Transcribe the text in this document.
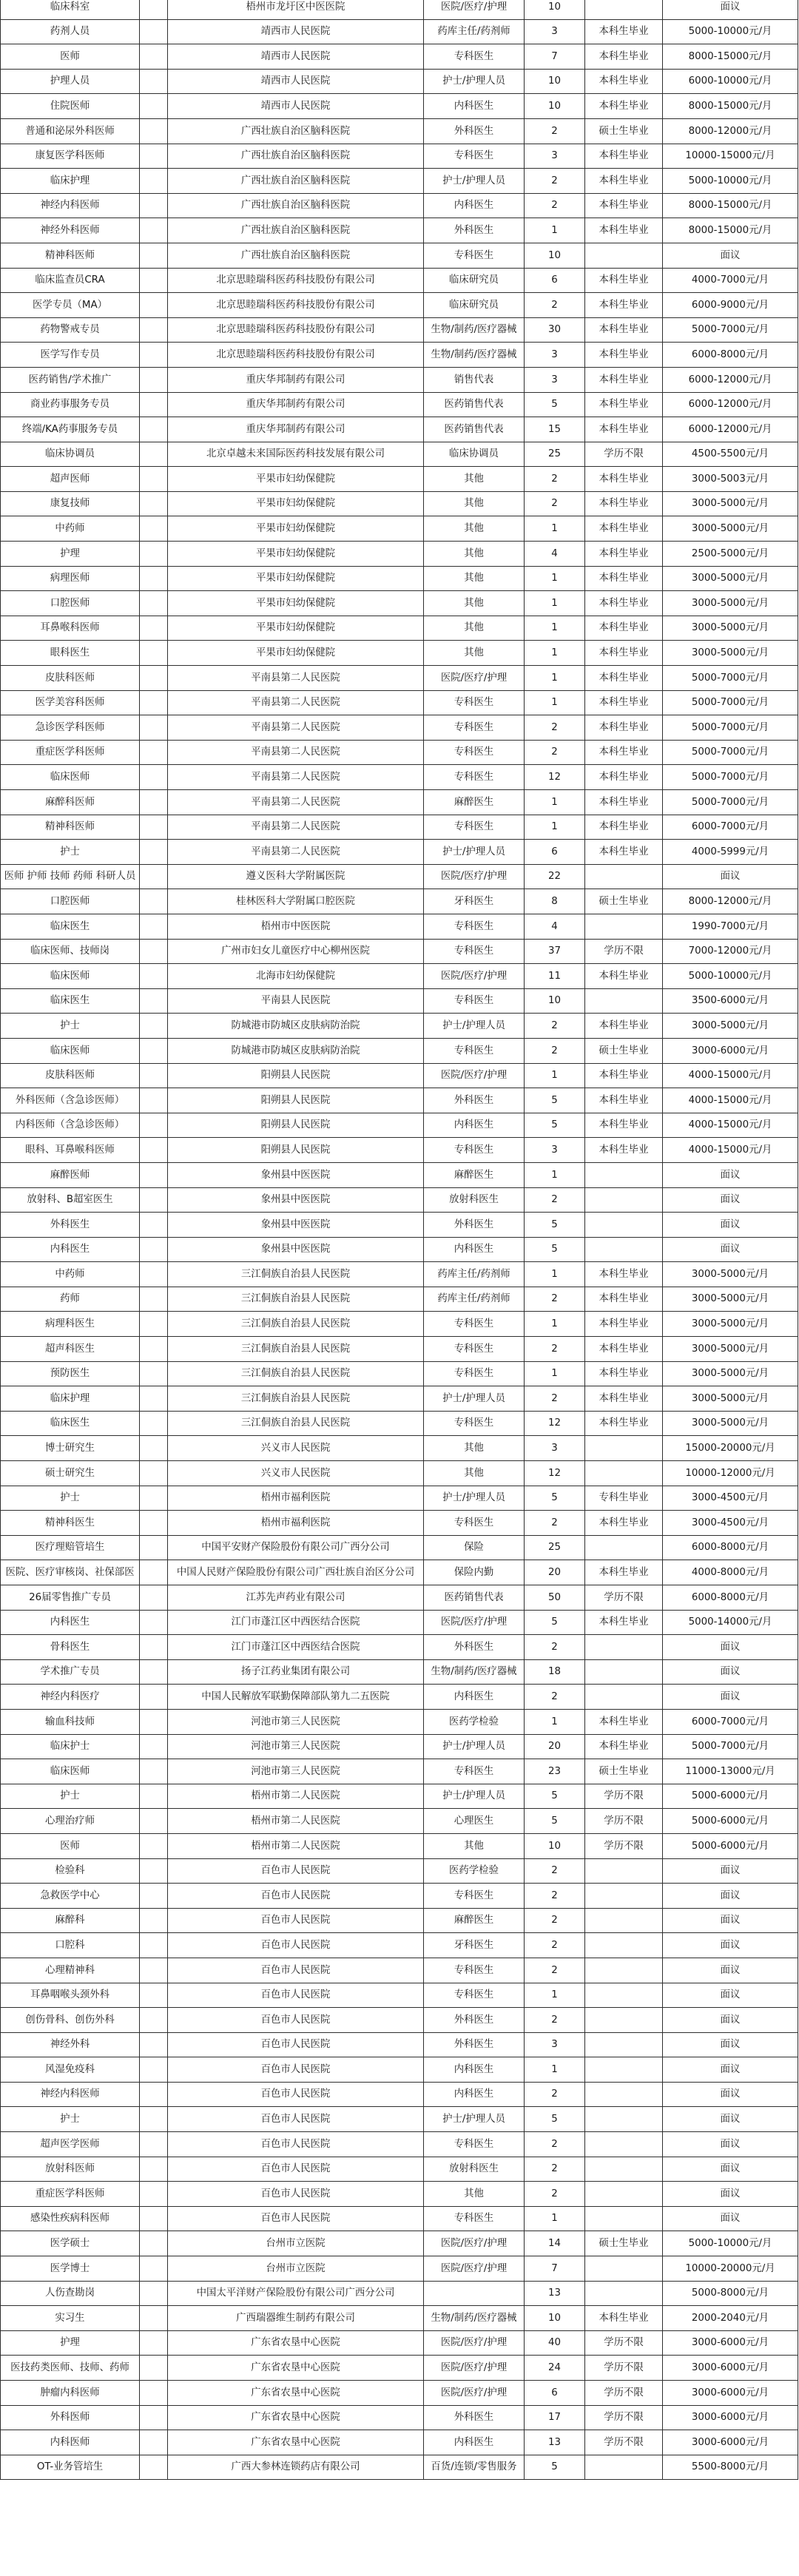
临床科室		梧州市龙圩区中医医院	医院/医疗/护理	10		面议
药剂人员		靖西市人民医院	药库主任/药剂师	3	本科生毕业	5000-10000元/月
医师		靖西市人民医院	专科医生	7	本科生毕业	8000-15000元/月
护理人员		靖西市人民医院	护士/护理人员	10	本科生毕业	6000-10000元/月
住院医师		靖西市人民医院	内科医生	10	本科生毕业	8000-15000元/月
普通和泌尿外科医师		广西壮族自治区脑科医院	外科医生	2	硕士生毕业	8000-12000元/月
康复医学科医师		广西壮族自治区脑科医院	专科医生	3	本科生毕业	10000-15000元/月
临床护理		广西壮族自治区脑科医院	护士/护理人员	2	本科生毕业	5000-10000元/月
神经内科医师		广西壮族自治区脑科医院	内科医生	2	本科生毕业	8000-15000元/月
神经外科医师		广西壮族自治区脑科医院	外科医生	1	本科生毕业	8000-15000元/月
精神科医师		广西壮族自治区脑科医院	专科医生	10		面议
临床监查员CRA		北京思睦瑞科医药科技股份有限公司	临床研究员	6	本科生毕业	4000-7000元/月
医学专员（MA）		北京思睦瑞科医药科技股份有限公司	临床研究员	2	本科生毕业	6000-9000元/月
药物警戒专员		北京思睦瑞科医药科技股份有限公司	生物/制药/医疗器械	30	本科生毕业	5000-7000元/月
医学写作专员		北京思睦瑞科医药科技股份有限公司	生物/制药/医疗器械	3	本科生毕业	6000-8000元/月
医药销售/学术推广		重庆华邦制药有限公司	销售代表	3	本科生毕业	6000-12000元/月
商业药事服务专员		重庆华邦制药有限公司	医药销售代表	5	本科生毕业	6000-12000元/月
终端/KA药事服务专员		重庆华邦制药有限公司	医药销售代表	15	本科生毕业	6000-12000元/月
临床协调员		北京卓越未来国际医药科技发展有限公司	临床协调员	25	学历不限	4500-5500元/月
超声医师		平果市妇幼保健院	其他	2	本科生毕业	3000-5003元/月
康复技师		平果市妇幼保健院	其他	2	本科生毕业	3000-5000元/月
中药师		平果市妇幼保健院	其他	1	本科生毕业	3000-5000元/月
护理		平果市妇幼保健院	其他	4	本科生毕业	2500-5000元/月
病理医师		平果市妇幼保健院	其他	1	本科生毕业	3000-5000元/月
口腔医师		平果市妇幼保健院	其他	1	本科生毕业	3000-5000元/月
耳鼻喉科医师		平果市妇幼保健院	其他	1	本科生毕业	3000-5000元/月
眼科医生		平果市妇幼保健院	其他	1	本科生毕业	3000-5000元/月
皮肤科医师		平南县第二人民医院	医院/医疗/护理	1	本科生毕业	5000-7000元/月
医学美容科医师		平南县第二人民医院	专科医生	1	本科生毕业	5000-7000元/月
急诊医学科医师		平南县第二人民医院	专科医生	2	本科生毕业	5000-7000元/月
重症医学科医师		平南县第二人民医院	专科医生	2	本科生毕业	5000-7000元/月
临床医师		平南县第二人民医院	专科医生	12	本科生毕业	5000-7000元/月
麻醉科医师		平南县第二人民医院	麻醉医生	1	本科生毕业	5000-7000元/月
精神科医师		平南县第二人民医院	专科医生	1	本科生毕业	6000-7000元/月
护士		平南县第二人民医院	护士/护理人员	6	本科生毕业	4000-5999元/月
医师 护师 技师 药师 科研人员		遵义医科大学附属医院	医院/医疗/护理	22		面议
口腔医师		桂林医科大学附属口腔医院	牙科医生	8	硕士生毕业	8000-12000元/月
临床医生		梧州市中医医院	专科医生	4		1990-7000元/月
临床医师、技师岗		广州市妇女儿童医疗中心柳州医院	专科医生	37	学历不限	7000-12000元/月
临床医师		北海市妇幼保健院	医院/医疗/护理	11	本科生毕业	5000-10000元/月
临床医生		平南县人民医院	专科医生	10		3500-6000元/月
护士		防城港市防城区皮肤病防治院	护士/护理人员	2	本科生毕业	3000-5000元/月
临床医师		防城港市防城区皮肤病防治院	专科医生	2	硕士生毕业	3000-6000元/月
皮肤科医师		阳朔县人民医院	医院/医疗/护理	1	本科生毕业	4000-15000元/月
外科医师（含急诊医师）		阳朔县人民医院	外科医生	5	本科生毕业	4000-15000元/月
内科医师（含急诊医师）		阳朔县人民医院	内科医生	5	本科生毕业	4000-15000元/月
眼科、耳鼻喉科医师		阳朔县人民医院	专科医生	3	本科生毕业	4000-15000元/月
麻醉医师		象州县中医医院	麻醉医生	1		面议
放射科、B超室医生		象州县中医医院	放射科医生	2		面议
外科医生		象州县中医医院	外科医生	5		面议
内科医生		象州县中医医院	内科医生	5		面议
中药师		三江侗族自治县人民医院	药库主任/药剂师	1	本科生毕业	3000-5000元/月
药师		三江侗族自治县人民医院	药库主任/药剂师	2	本科生毕业	3000-5000元/月
病理科医生		三江侗族自治县人民医院	专科医生	1	本科生毕业	3000-5000元/月
超声科医生		三江侗族自治县人民医院	专科医生	2	本科生毕业	3000-5000元/月
预防医生		三江侗族自治县人民医院	专科医生	1	本科生毕业	3000-5000元/月
临床护理		三江侗族自治县人民医院	护士/护理人员	2	本科生毕业	3000-5000元/月
临床医生		三江侗族自治县人民医院	专科医生	12	本科生毕业	3000-5000元/月
博士研究生		兴义市人民医院	其他	3		15000-20000元/月
硕士研究生		兴义市人民医院	其他	12		10000-12000元/月
护士		梧州市福利医院	护士/护理人员	5	专科生毕业	3000-4500元/月
精神科医生		梧州市福利医院	专科医生	2	本科生毕业	3000-4500元/月
医疗理赔管培生		中国平安财产保险股份有限公司广西分公司	保险	25		6000-8000元/月
医院、医疗审核岗、社保部医		中国人民财产保险股份有限公司广西壮族自治区分公司	保险内勤	20	本科生毕业	4000-8000元/月
26届零售推广专员		江苏先声药业有限公司	医药销售代表	50	学历不限	6000-8000元/月
内科医生		江门市蓬江区中西医结合医院	医院/医疗/护理	5	本科生毕业	5000-14000元/月
骨科医生		江门市蓬江区中西医结合医院	外科医生	2		面议
学术推广专员		扬子江药业集团有限公司	生物/制药/医疗器械	18		面议
神经内科医疗		中国人民解放军联勤保障部队第九二五医院	内科医生	2		面议
输血科技师		河池市第三人民医院	医药学检验	1	本科生毕业	6000-7000元/月
临床护士		河池市第三人民医院	护士/护理人员	20	本科生毕业	5000-7000元/月
临床医师		河池市第三人民医院	专科医生	23	硕士生毕业	11000-13000元/月
护士		梧州市第二人民医院	护士/护理人员	5	学历不限	5000-6000元/月
心理治疗师		梧州市第二人民医院	心理医生	5	学历不限	5000-6000元/月
医师		梧州市第二人民医院	其他	10	学历不限	5000-6000元/月
检验科		百色市人民医院	医药学检验	2		面议
急救医学中心		百色市人民医院	专科医生	2		面议
麻醉科		百色市人民医院	麻醉医生	2		面议
口腔科		百色市人民医院	牙科医生	2		面议
心理精神科		百色市人民医院	专科医生	2		面议
耳鼻咽喉头颈外科		百色市人民医院	专科医生	1		面议
创伤骨科、创伤外科		百色市人民医院	外科医生	2		面议
神经外科		百色市人民医院	外科医生	3		面议
风湿免疫科		百色市人民医院	内科医生	1		面议
神经内科医师		百色市人民医院	内科医生	2		面议
护士		百色市人民医院	护士/护理人员	5		面议
超声医学医师		百色市人民医院	专科医生	2		面议
放射科医师		百色市人民医院	放射科医生	2		面议
重症医学科医师		百色市人民医院	其他	2		面议
感染性疾病科医师		百色市人民医院	专科医生	1		面议
医学硕士		台州市立医院	医院/医疗/护理	14	硕士生毕业	5000-10000元/月
医学博士		台州市立医院	医院/医疗/护理	7		10000-20000元/月
人伤查勘岗		中国太平洋财产保险股份有限公司广西分公司		13		5000-8000元/月
实习生		广西瑞器维生制药有限公司	生物/制药/医疗器械	10	本科生毕业	2000-2040元/月
护理		广东省农垦中心医院	医院/医疗/护理	40	学历不限	3000-6000元/月
医技药类医师、技师、药师		广东省农垦中心医院	医院/医疗/护理	24	学历不限	3000-6000元/月
肿瘤内科医师		广东省农垦中心医院	医院/医疗/护理	6	学历不限	3000-6000元/月
外科医师		广东省农垦中心医院	外科医生	17	学历不限	3000-6000元/月
内科医师		广东省农垦中心医院	内科医生	13	学历不限	3000-6000元/月
OT-业务管培生		广西大参林连锁药店有限公司	百货/连锁/零售服务	5		5500-8000元/月
